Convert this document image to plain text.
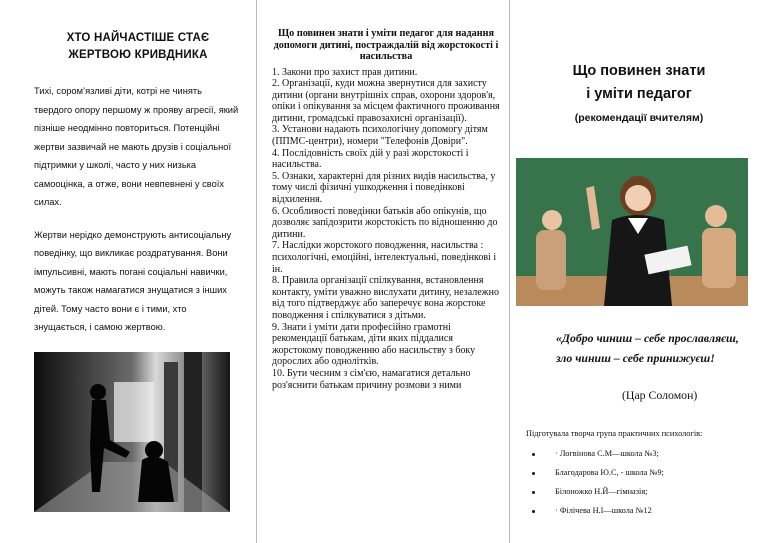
ХТО НАЙЧАСТІШЕ СТАЄ ЖЕРТВОЮ КРИВДНИКА

Тихі, сором’язливі діти, котрі не чинять твердого опору першому ж прояву агресії, який пізніше неодмінно повториться. Потенційні жертви зазвичай не мають друзів і соціальної підтримки у школі, часто у них низька самооцінка, а отже, вони невпевнені у своїх силах.

Жертви нерідко демонструють антисоціальну поведінку, що викликає роздратування. Вони імпульсивні, мають погані соціальні навички, можуть також намагатися знущатися з інших дітей. Тому часто вони є і тими, хто знущається, і самою жертвою.

Що повинен знати і уміти педагог для надання допомоги дитині, постраждалій від жорстокості і насильства

1. Закони про захист прав дитини.

2. Організації, куди можна звернутися для захисту дитини (органи внутрішніх справ, охорони здоров'я, опіки і опікування за місцем фактичного проживання дитини, громадські правозахисні організації).

3. Установи надають психологічну допомогу дітям (ППМС-центри), номери "Телефонів Довіри".

4. Послідовність своїх дій у разі жорстокості і насильства.

5. Ознаки, характерні для різних видів насильства, у тому числі фізичні ушкодження і поведінкові відхилення.

6. Особливості поведінки батьків або опікунів, що дозволяє запідозрити жорстокість по відношенню до дитини.

7. Наслідки жорстокого поводження, насильства : психологічні, емоційні, інтелектуальні, поведінкові і ін.

8. Правила організації спілкування, встановлення контакту, уміти уважно вислухати дитину, незалежно від того підтверджує або заперечує вона жорстоке поводження і спілкуватися з дітьми.

9. Знати і уміти дати професійно грамотні рекомендації батькам, діти яких піддалися жорстокому поводженню або насильству з боку дорослих або однолітків.

10. Бути чесним з сім'єю, намагатися детально роз'яснити батькам причину розмови з ними

Що повинен знати
і уміти педагог
(рекомендації вчителям)
«Добро чиниш – себе прославляєш, зло чиниш – себе принижуєш!
(Цар Соломон)
Підготувала творча група практичних психологів:
· Логвінова С.М—школа №3;
Благодарова Ю.С, - школа №9;
Білоножко Н.Й—гімназія;
· Філічева Н.І—школа №12
